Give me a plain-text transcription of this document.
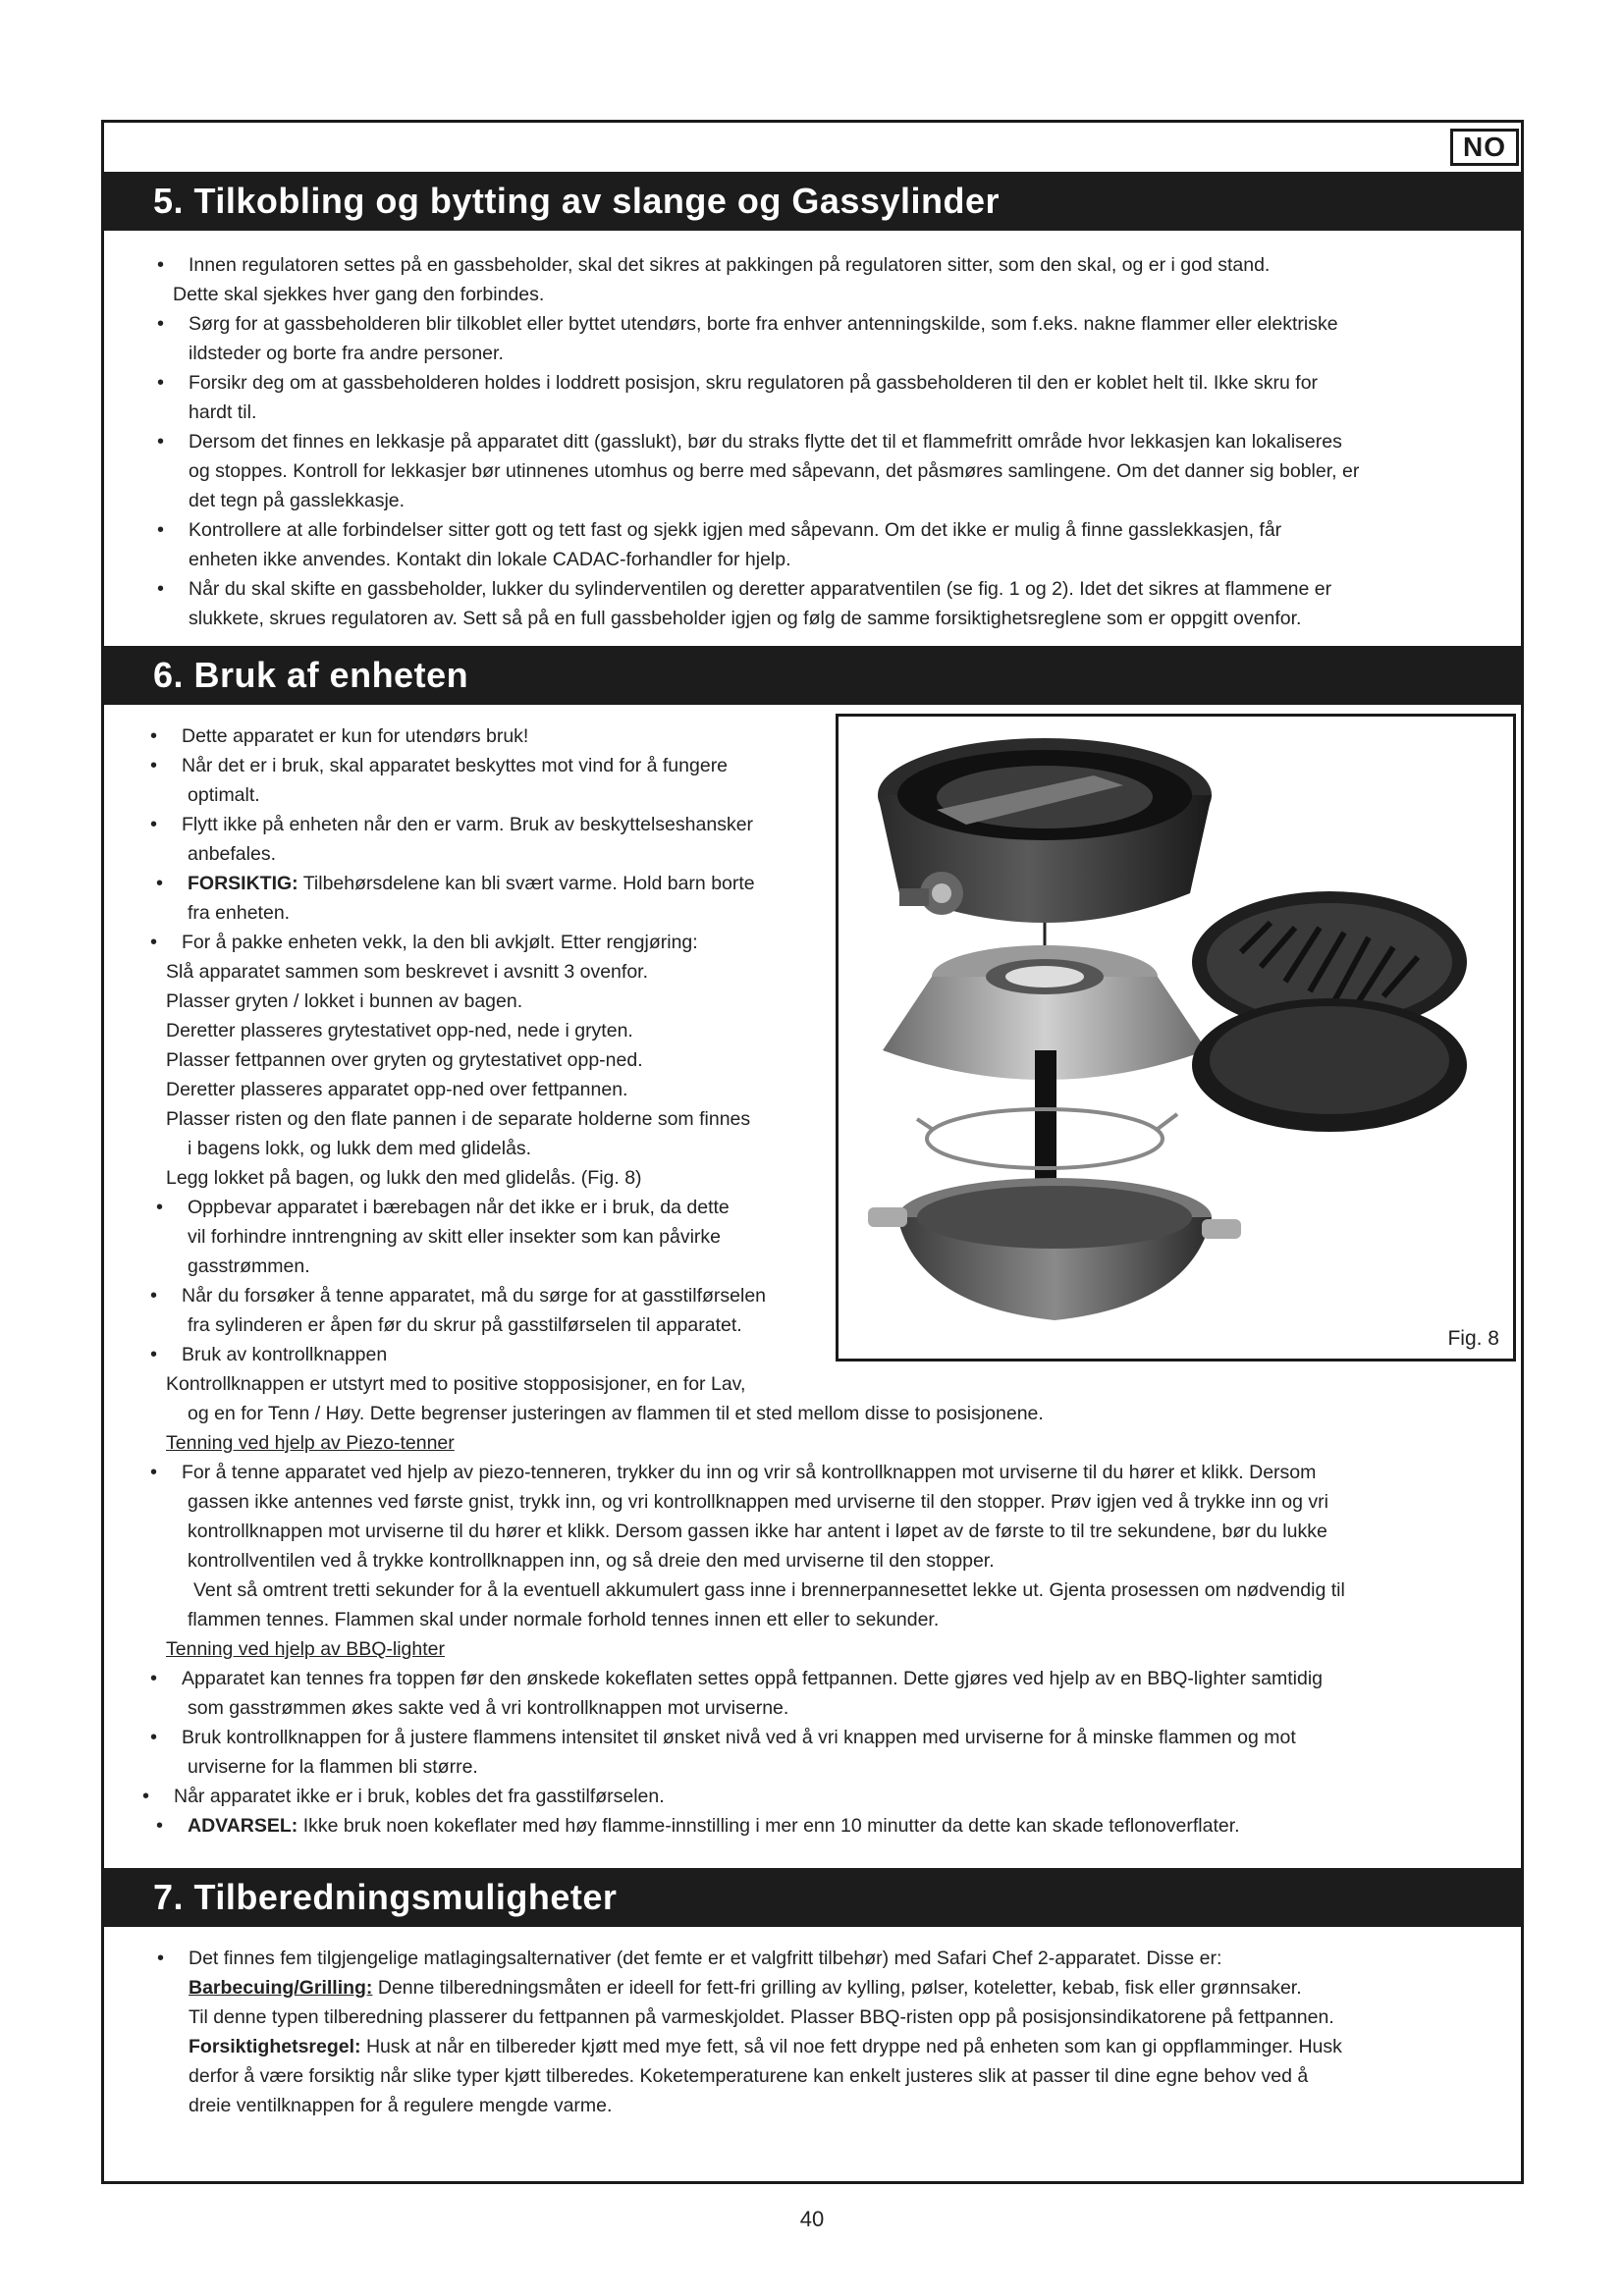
NO
5. Tilkobling og bytting av slange og Gassylinder
• Innen regulatoren settes på en gassbeholder, skal det sikres at pakkingen på regulatoren sitter, som den skal, og er i god stand.
Dette skal sjekkes hver gang den forbindes.
• Sørg for at gassbeholderen blir tilkoblet eller byttet utendørs, borte fra enhver antenningskilde, som f.eks. nakne flammer eller elektriske
ildsteder og borte fra andre personer.
• Forsikr deg om at gassbeholderen holdes i loddrett posisjon, skru regulatoren på gassbeholderen til den er koblet helt til. Ikke skru for
hardt til.
• Dersom det finnes en lekkasje på apparatet ditt (gasslukt), bør du straks flytte det til et flammefritt område hvor lekkasjen kan lokaliseres
og stoppes. Kontroll for lekkasjer bør utinnenes utomhus og berre med såpevann, det påsmøres samlingene. Om det danner sig bobler, er
det tegn på gasslekkasje.
• Kontrollere at alle forbindelser sitter gott og tett fast og sjekk igjen med såpevann. Om det ikke er mulig å finne gasslekkasjen, får
enheten ikke anvendes. Kontakt din lokale CADAC-forhandler for hjelp.
• Når du skal skifte en gassbeholder, lukker du sylinderventilen og deretter apparatventilen (se fig. 1 og 2). Idet det sikres at flammene er
slukkete, skrues regulatoren av. Sett så på en full gassbeholder igjen og følg de samme forsiktighetsreglene som er oppgitt ovenfor.
6. Bruk af enheten
Fig. 8
• Dette apparatet er kun for utendørs bruk!
• Når det er i bruk, skal apparatet beskyttes mot vind for å fungere
optimalt.
• Flytt ikke på enheten når den er varm. Bruk av beskyttelseshansker
anbefales.
• FORSIKTIG: Tilbehørsdelene kan bli svært varme. Hold barn borte
fra enheten.
• For å pakke enheten vekk, la den bli avkjølt. Etter rengjøring:
Slå apparatet sammen som beskrevet i avsnitt 3 ovenfor.
Plasser gryten / lokket i bunnen av bagen.
Deretter plasseres grytestativet opp-ned, nede i gryten.
Plasser fettpannen over gryten og grytestativet opp-ned.
Deretter plasseres apparatet opp-ned over fettpannen.
Plasser risten og den flate pannen i de separate holderne som finnes
i bagens lokk, og lukk dem med glidelås.
Legg lokket på bagen, og lukk den med glidelås. (Fig. 8)
• Oppbevar apparatet i bærebagen når det ikke er i bruk, da dette
vil forhindre inntrengning av skitt eller insekter som kan påvirke
gasstrømmen.
• Når du forsøker å tenne apparatet, må du sørge for at gasstilførselen
fra sylinderen er åpen før du skrur på gasstilførselen til apparatet.
• Bruk av kontrollknappen
Kontrollknappen er utstyrt med to positive stopposisjoner, en for Lav,
og en for Tenn / Høy. Dette begrenser justeringen av flammen til et sted mellom disse to posisjonene.
Tenning ved hjelp av Piezo-tenner
• For å tenne apparatet ved hjelp av piezo-tenneren, trykker du inn og vrir så kontrollknappen mot urviserne til du hører et klikk. Dersom
gassen ikke antennes ved første gnist, trykk inn, og vri kontrollknappen med urviserne til den stopper. Prøv igjen ved å trykke inn og vri
kontrollknappen mot urviserne til du hører et klikk. Dersom gassen ikke har antent i løpet av de første to til tre sekundene, bør du lukke
kontrollventilen ved å trykke kontrollknappen inn, og så dreie den med urviserne til den stopper.
Vent så omtrent tretti sekunder for å la eventuell akkumulert gass inne i brennerpannesettet lekke ut. Gjenta prosessen om nødvendig til
flammen tennes. Flammen skal under normale forhold tennes innen ett eller to sekunder.
Tenning ved hjelp av BBQ-lighter
• Apparatet kan tennes fra toppen før den ønskede kokeflaten settes oppå fettpannen. Dette gjøres ved hjelp av en BBQ-lighter samtidig
som gasstrømmen økes sakte ved å vri kontrollknappen mot urviserne.
• Bruk kontrollknappen for å justere flammens intensitet til ønsket nivå ved å vri knappen med urviserne for å minske flammen og mot
urviserne for la flammen bli større.
• Når apparatet ikke er i bruk, kobles det fra gasstilførselen.
• ADVARSEL: Ikke bruk noen kokeflater med høy flamme-innstilling i mer enn 10 minutter da dette kan skade teflonoverflater.
7. Tilberedningsmuligheter
• Det finnes fem tilgjengelige matlagingsalternativer (det femte er et valgfritt tilbehør) med Safari Chef 2-apparatet. Disse er:
Barbecuing/Grilling: Denne tilberedningsmåten er ideell for fett-fri grilling av kylling, pølser, koteletter, kebab, fisk eller grønnsaker.
Til denne typen tilberedning plasserer du fettpannen på varmeskjoldet. Plasser BBQ-risten opp på posisjonsindikatorene på fettpannen.
Forsiktighetsregel: Husk at når en tilbereder kjøtt med mye fett, så vil noe fett dryppe ned på enheten som kan gi oppflamminger. Husk
derfor å være forsiktig når slike typer kjøtt tilberedes. Koketemperaturene kan enkelt justeres slik at passer til dine egne behov ved å
dreie ventilknappen for å regulere mengde varme.
40
